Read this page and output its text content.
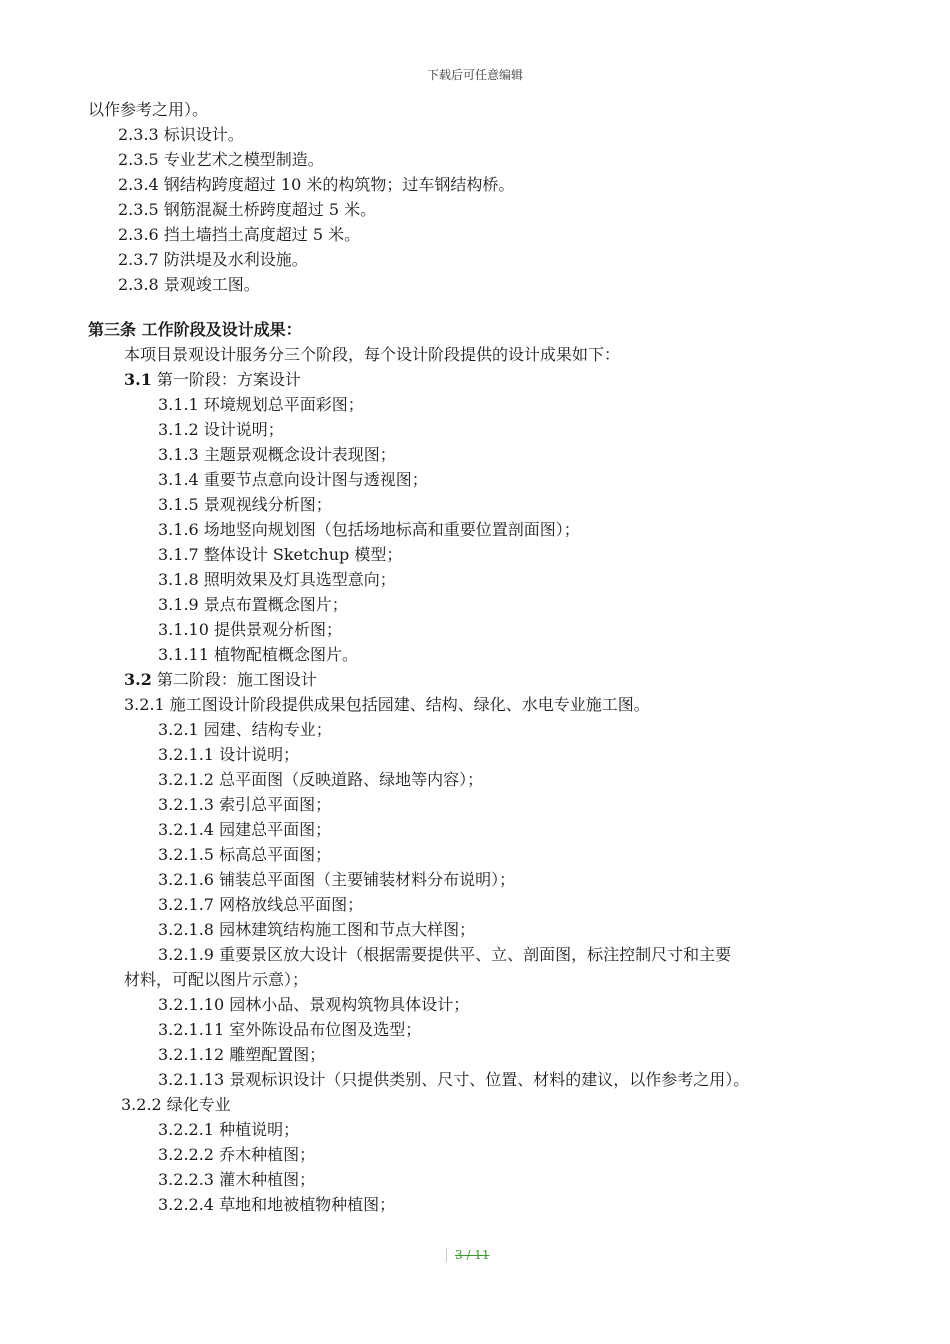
下载后可任意编辑
以作参考之用）。
2.3.3 标识设计。
2.3.5 专业艺术之模型制造。
2.3.4 钢结构跨度超过 10 米的构筑物；过车钢结构桥。
2.3.5 钢筋混凝土桥跨度超过 5 米。
2.3.6 挡土墙挡土高度超过 5 米。
2.3.7 防洪堤及水利设施。
2.3.8 景观竣工图。
第三条 工作阶段及设计成果：
本项目景观设计服务分三个阶段，每个设计阶段提供的设计成果如下：
3.1 第一阶段：方案设计
3.1.1 环境规划总平面彩图；
3.1.2 设计说明；
3.1.3 主题景观概念设计表现图；
3.1.4 重要节点意向设计图与透视图；
3.1.5 景观视线分析图；
3.1.6 场地竖向规划图（包括场地标高和重要位置剖面图）；
3.1.7 整体设计 Sketchup 模型；
3.1.8 照明效果及灯具选型意向；
3.1.9 景点布置概念图片；
3.1.10 提供景观分析图；
3.1.11 植物配植概念图片。
3.2 第二阶段：施工图设计
3.2.1 施工图设计阶段提供成果包括园建、结构、绿化、水电专业施工图。
3.2.1 园建、结构专业；
3.2.1.1 设计说明；
3.2.1.2 总平面图（反映道路、绿地等内容）；
3.2.1.3 索引总平面图；
3.2.1.4 园建总平面图；
3.2.1.5 标高总平面图；
3.2.1.6 铺装总平面图（主要铺装材料分布说明）；
3.2.1.7 网格放线总平面图；
3.2.1.8 园林建筑结构施工图和节点大样图；
3.2.1.9 重要景区放大设计（根据需要提供平、立、剖面图，标注控制尺寸和主要
材料，可配以图片示意）；
3.2.1.10 园林小品、景观构筑物具体设计；
3.2.1.11 室外陈设品布位图及选型；
3.2.1.12 雕塑配置图；
3.2.1.13 景观标识设计（只提供类别、尺寸、位置、材料的建议，以作参考之用）。
3.2.2 绿化专业
3.2.2.1 种植说明；
3.2.2.2 乔木种植图；
3.2.2.3 灌木种植图；
3.2.2.4 草地和地被植物种植图；
3 / 11
